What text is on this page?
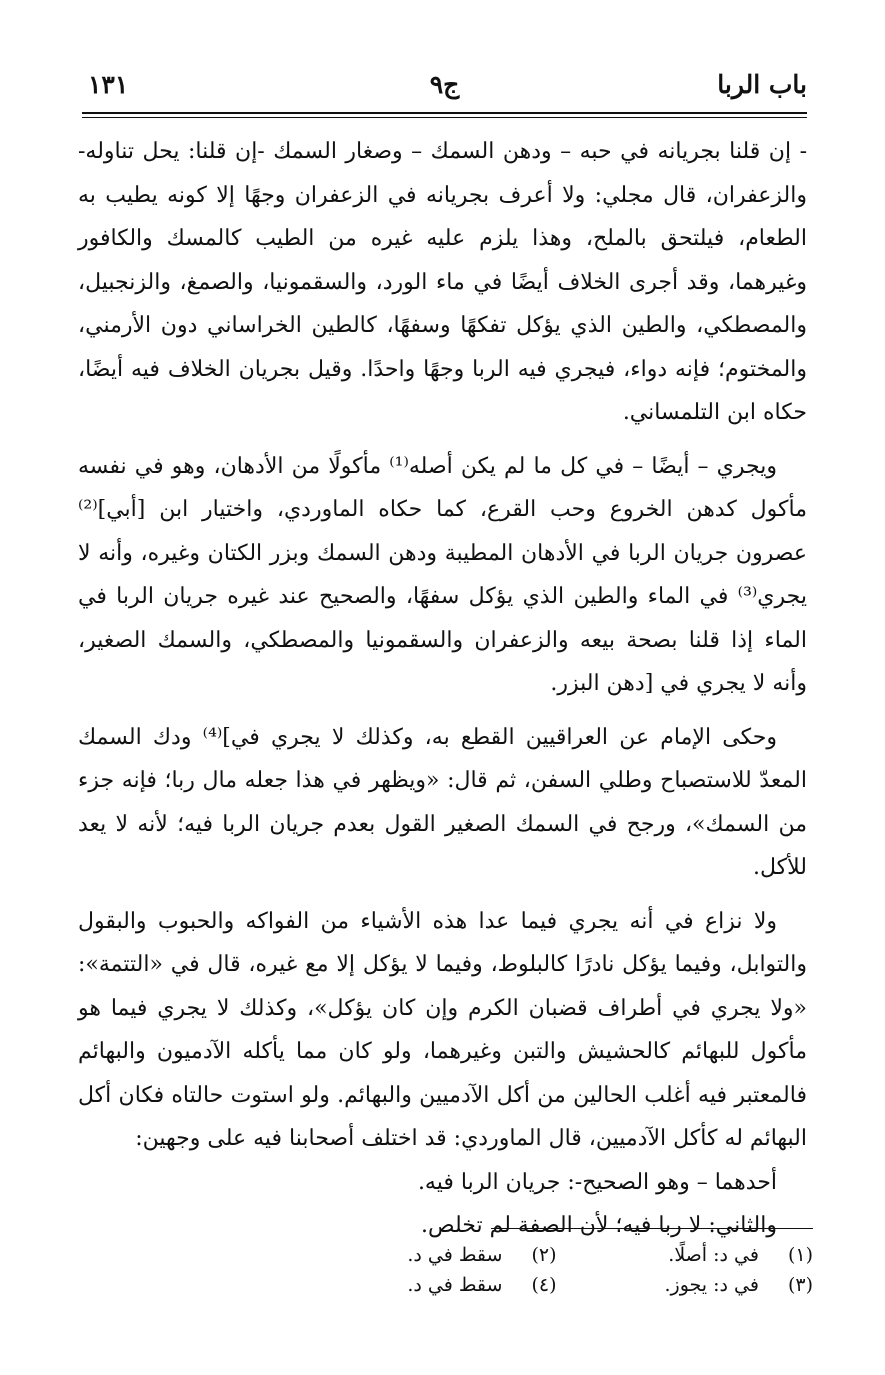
باب الربا
ج٩
١٣١

- إن قلنا بجريانه في حبه – ودهن السمك – وصغار السمك -إن قلنا: يحل تناوله- والزعفران، قال مجلي: ولا أعرف بجريانه في الزعفران وجهًا إلا كونه يطيب به الطعام، فيلتحق بالملح، وهذا يلزم عليه غيره من الطيب كالمسك والكافور وغيرهما، وقد أجرى الخلاف أيضًا في ماء الورد، والسقمونيا، والصمغ، والزنجبيل، والمصطكي، والطين الذي يؤكل تفكهًا وسفهًا، كالطين الخراساني دون الأرمني، والمختوم؛ فإنه دواء، فيجري فيه الربا وجهًا واحدًا. وقيل بجريان الخلاف فيه أيضًا، حكاه ابن التلمساني.

ويجري – أيضًا – في كل ما لم يكن أصله⁽¹⁾ مأكولًا من الأدهان، وهو في نفسه مأكول كدهن الخروع وحب القرع، كما حكاه الماوردي، واختيار ابن [أبي]⁽²⁾ عصرون جريان الربا في الأدهان المطيبة ودهن السمك وبزر الكتان وغيره، وأنه لا يجري⁽³⁾ في الماء والطين الذي يؤكل سفهًا، والصحيح عند غيره جريان الربا في الماء إذا قلنا بصحة بيعه والزعفران والسقمونيا والمصطكي، والسمك الصغير، وأنه لا يجري في [دهن البزر.

وحكى الإمام عن العراقيين القطع به، وكذلك لا يجري في]⁽⁴⁾ ودك السمك المعدّ للاستصباح وطلي السفن، ثم قال: «ويظهر في هذا جعله مال ربا؛ فإنه جزء من السمك»، ورجح في السمك الصغير القول بعدم جريان الربا فيه؛ لأنه لا يعد للأكل.

ولا نزاع في أنه يجري فيما عدا هذه الأشياء من الفواكه والحبوب والبقول والتوابل، وفيما يؤكل نادرًا كالبلوط، وفيما لا يؤكل إلا مع غيره، قال في «التتمة»: «ولا يجري في أطراف قضبان الكرم وإن كان يؤكل»، وكذلك لا يجري فيما هو مأكول للبهائم كالحشيش والتبن وغيرهما، ولو كان مما يأكله الآدميون والبهائم فالمعتبر فيه أغلب الحالين من أكل الآدميين والبهائم. ولو استوت حالتاه فكان أكل البهائم له كأكل الآدميين، قال الماوردي: قد اختلف أصحابنا فيه على وجهين:

أحدهما – وهو الصحيح-: جريان الربا فيه.

والثاني: لا ربا فيه؛ لأن الصفة لم تخلص.

(١) في د: أصلًا.
(٢) سقط في د.
(٣) في د: يجوز.
(٤) سقط في د.
